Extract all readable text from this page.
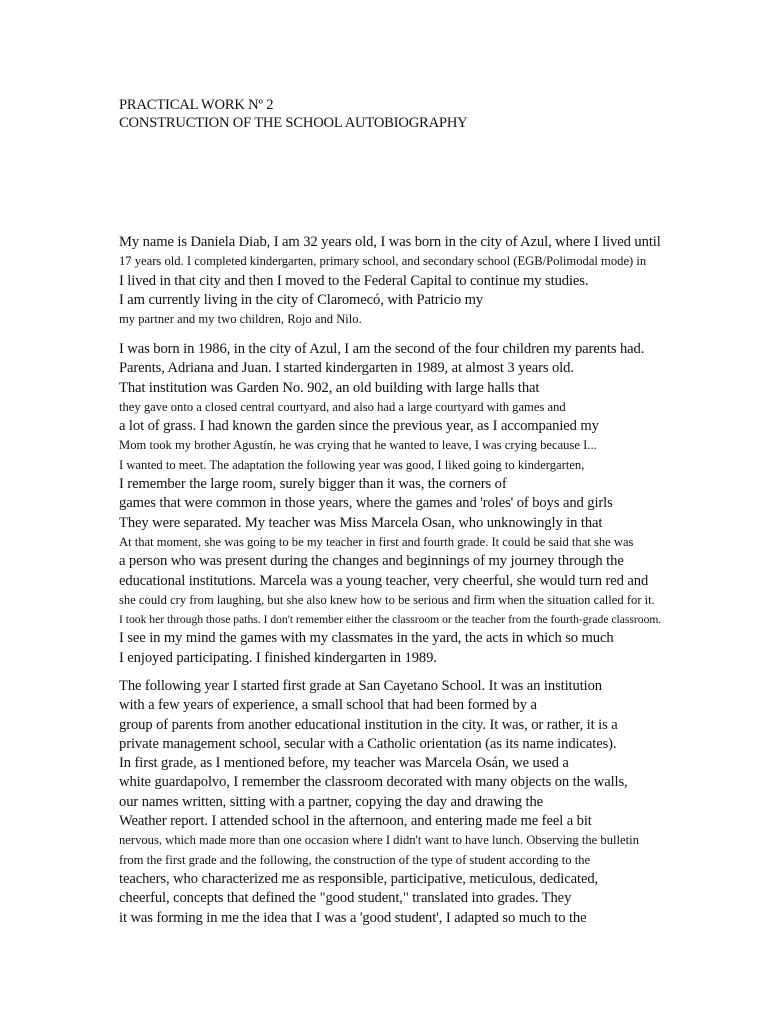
PRACTICAL WORK Nº 2
CONSTRUCTION OF THE SCHOOL AUTOBIOGRAPHY
My name is Daniela Diab, I am 32 years old, I was born in the city of Azul, where I lived until
17 years old. I completed kindergarten, primary school, and secondary school (EGB/Polimodal mode) in
I lived in that city and then I moved to the Federal Capital to continue my studies.
I am currently living in the city of Claromecó, with Patricio my
my partner and my two children, Rojo and Nilo.
I was born in 1986, in the city of Azul, I am the second of the four children my parents had.
Parents, Adriana and Juan. I started kindergarten in 1989, at almost 3 years old.
That institution was Garden No. 902, an old building with large halls that
they gave onto a closed central courtyard, and also had a large courtyard with games and
a lot of grass. I had known the garden since the previous year, as I accompanied my
Mom took my brother Agustín, he was crying that he wanted to leave, I was crying because I...
I wanted to meet. The adaptation the following year was good, I liked going to kindergarten,
I remember the large room, surely bigger than it was, the corners of
games that were common in those years, where the games and 'roles' of boys and girls
They were separated. My teacher was Miss Marcela Osan, who unknowingly in that
At that moment, she was going to be my teacher in first and fourth grade. It could be said that she was
a person who was present during the changes and beginnings of my journey through the
educational institutions. Marcela was a young teacher, very cheerful, she would turn red and
she could cry from laughing, but she also knew how to be serious and firm when the situation called for it.
I took her through those paths. I don't remember either the classroom or the teacher from the fourth-grade classroom.
I see in my mind the games with my classmates in the yard, the acts in which so much
I enjoyed participating. I finished kindergarten in 1989.
The following year I started first grade at San Cayetano School. It was an institution
with a few years of experience, a small school that had been formed by a
group of parents from another educational institution in the city. It was, or rather, it is a
private management school, secular with a Catholic orientation (as its name indicates).
In first grade, as I mentioned before, my teacher was Marcela Osán, we used a
white guardapolvo, I remember the classroom decorated with many objects on the walls,
our names written, sitting with a partner, copying the day and drawing the
Weather report. I attended school in the afternoon, and entering made me feel a bit
nervous, which made more than one occasion where I didn't want to have lunch. Observing the bulletin
from the first grade and the following, the construction of the type of student according to the
teachers, who characterized me as responsible, participative, meticulous, dedicated,
cheerful, concepts that defined the "good student," translated into grades. They
it was forming in me the idea that I was a 'good student', I adapted so much to the
